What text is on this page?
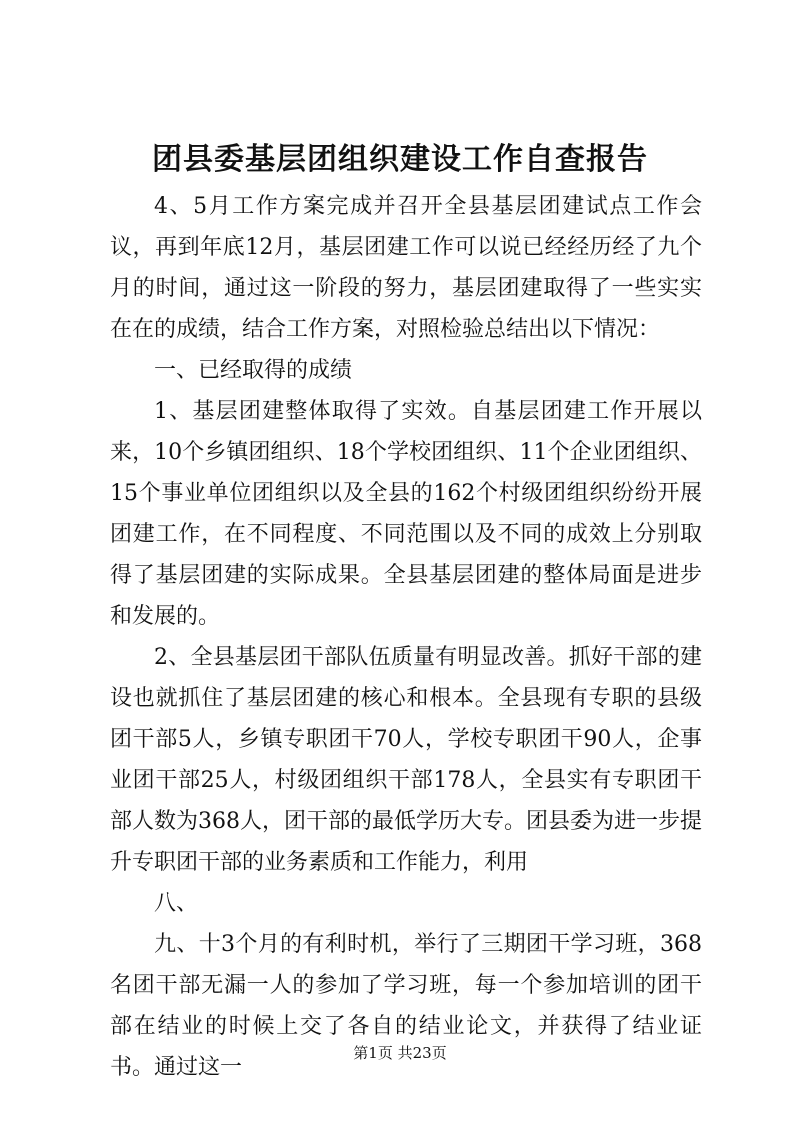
团县委基层团组织建设工作自查报告

4、5月工作方案完成并召开全县基层团建试点工作会议，再到年底12月，基层团建工作可以说已经经历经了九个月的时间，通过这一阶段的努力，基层团建取得了一些实实在在的成绩，结合工作方案，对照检验总结出以下情况：

一、已经取得的成绩

1、基层团建整体取得了实效。自基层团建工作开展以来，10个乡镇团组织、18个学校团组织、11个企业团组织、15个事业单位团组织以及全县的162个村级团组织纷纷开展团建工作，在不同程度、不同范围以及不同的成效上分别取得了基层团建的实际成果。全县基层团建的整体局面是进步和发展的。

2、全县基层团干部队伍质量有明显改善。抓好干部的建设也就抓住了基层团建的核心和根本。全县现有专职的县级团干部5人，乡镇专职团干70人，学校专职团干90人，企事业团干部25人，村级团组织干部178人，全县实有专职团干部人数为368人，团干部的最低学历大专。团县委为进一步提升专职团干部的业务素质和工作能力，利用

八、

九、十3个月的有利时机，举行了三期团干学习班，368名团干部无漏一人的参加了学习班，每一个参加培训的团干部在结业的时候上交了各自的结业论文，并获得了结业证书。通过这一

第1页 共23页
